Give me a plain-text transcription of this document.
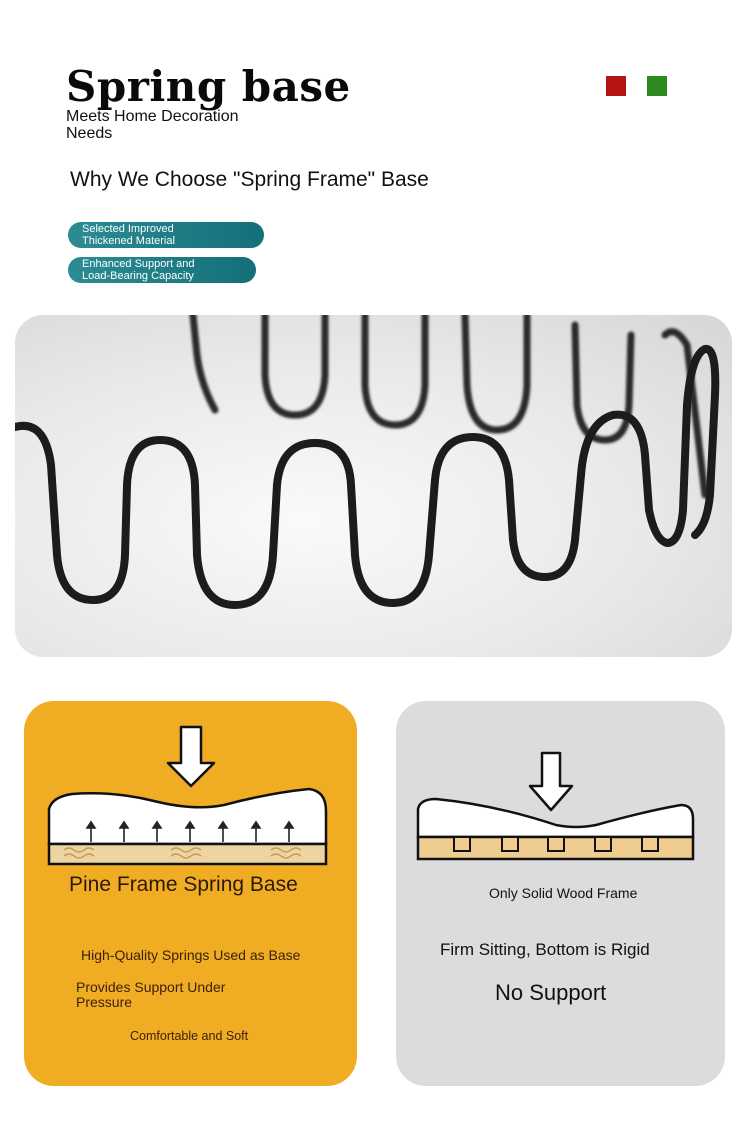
Spring base
Meets Home Decoration Needs
Why We Choose "Spring Frame" Base
Selected Improved
Thickened Material
Enhanced Support and
Load-Bearing Capacity
Pine Frame Spring Base
High-Quality Springs Used as Base
Provides Support Under Pressure
Comfortable and Soft
Only Solid Wood Frame
Firm Sitting, Bottom is Rigid
No Support
